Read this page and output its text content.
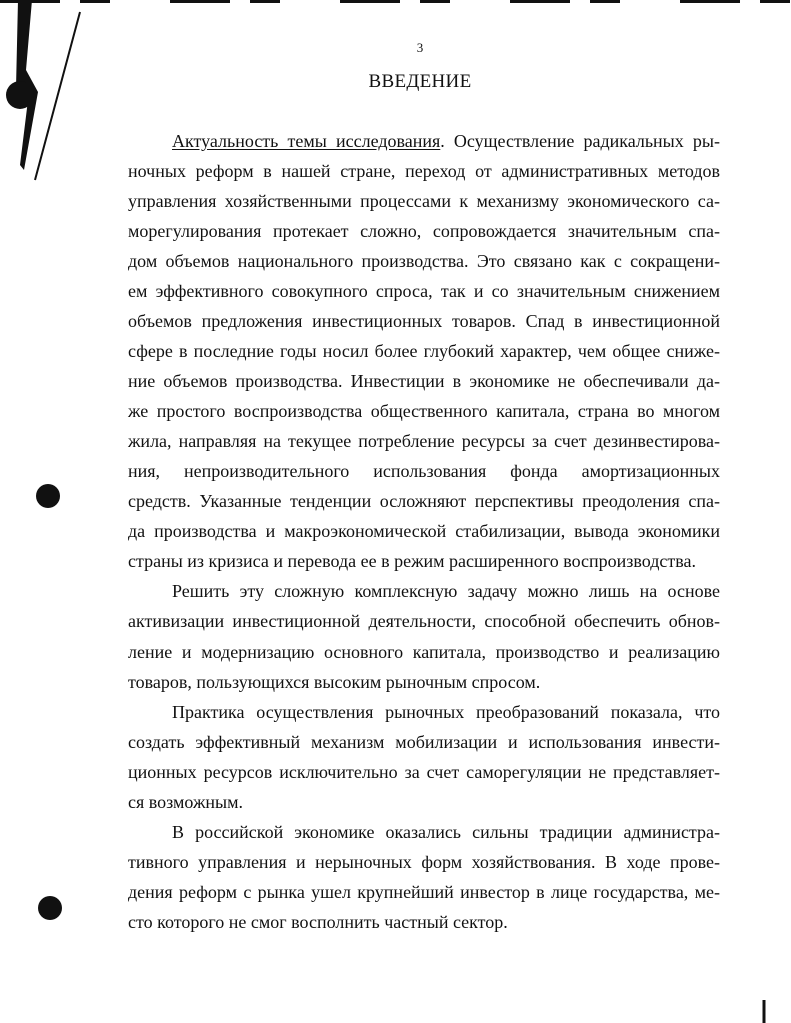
3
ВВЕДЕНИЕ
Актуальность темы исследования. Осуществление радикальных ры-
ночных реформ в нашей стране, переход от административных методов
управления хозяйственными процессами к механизму экономического са-
морегулирования протекает сложно, сопровождается значительным спа-
дом объемов национального производства. Это связано как с сокращени-
ем эффективного совокупного спроса, так и со значительным снижением
объемов предложения инвестиционных товаров. Спад в инвестиционной
сфере в последние годы носил более глубокий характер, чем общее сниже-
ние объемов производства. Инвестиции в экономике не обеспечивали да-
же простого воспроизводства общественного капитала, страна во многом
жила, направляя на текущее потребление ресурсы за счет дезинвестирова-
ния, непроизводительного использования фонда амортизационных
средств. Указанные тенденции осложняют перспективы преодоления спа-
да производства и макроэкономической стабилизации, вывода экономики
страны из кризиса и перевода ее в режим расширенного воспроизводства.
Решить эту сложную комплексную задачу можно лишь на основе
активизации инвестиционной деятельности, способной обеспечить обнов-
ление и модернизацию основного капитала, производство и реализацию
товаров, пользующихся высоким рыночным спросом.
Практика осуществления рыночных преобразований показала, что
создать эффективный механизм мобилизации и использования инвести-
ционных ресурсов исключительно за счет саморегуляции не представляет-
ся возможным.
В российской экономике оказались сильны традиции администра-
тивного управления и нерыночных форм хозяйствования. В ходе прове-
дения реформ с рынка ушел крупнейший инвестор в лице государства, ме-
сто которого не смог восполнить частный сектор.
